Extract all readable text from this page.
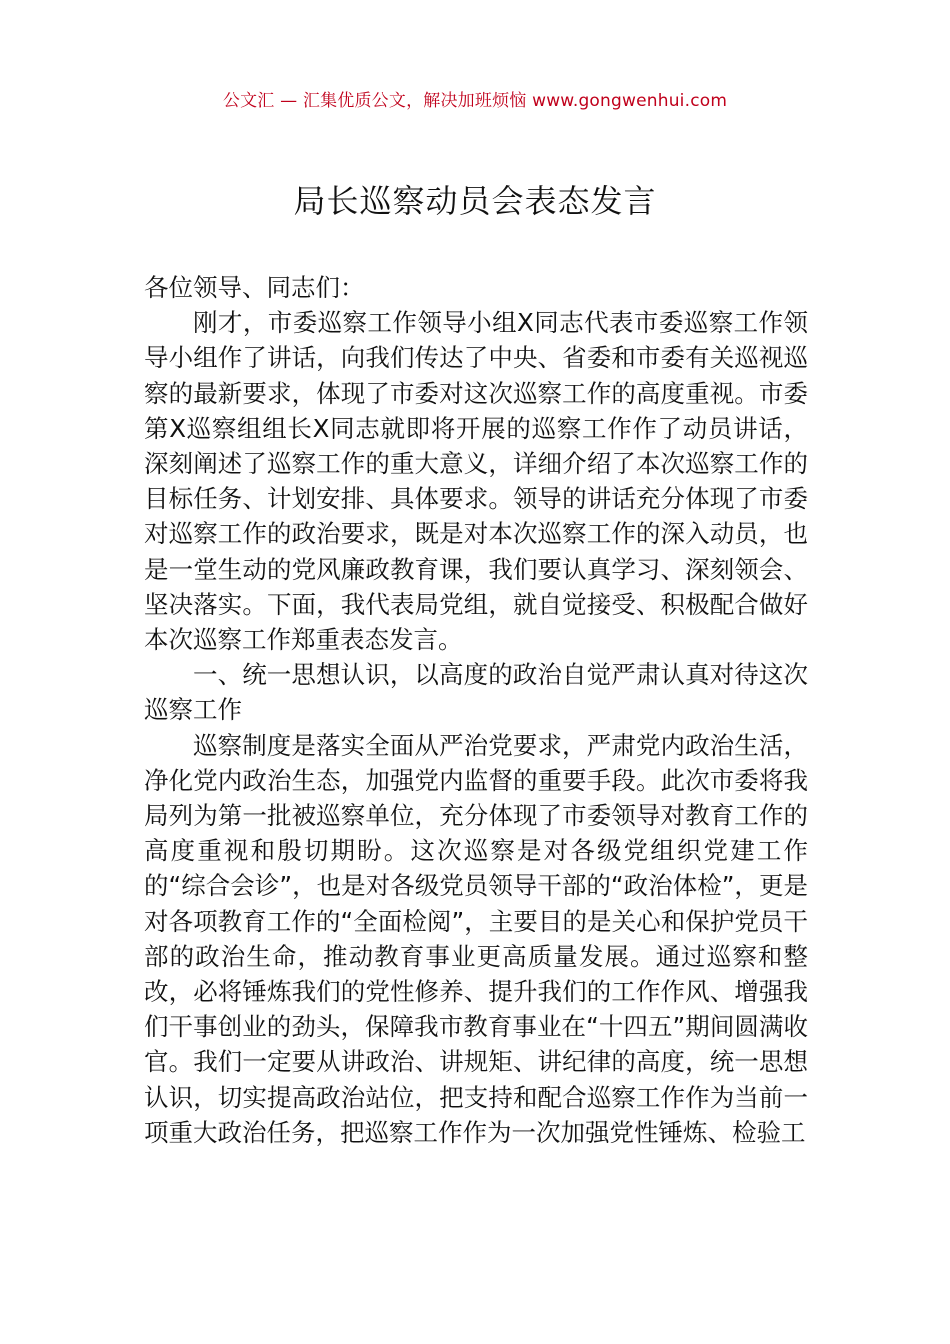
公文汇 — 汇集优质公文，解决加班烦恼 www.gongwenhui.com
局长巡察动员会表态发言

各位领导、同志们：

刚才，市委巡察工作领导小组X同志代表市委巡察工作领导小组作了讲话，向我们传达了中央、省委和市委有关巡视巡察的最新要求，体现了市委对这次巡察工作的高度重视。市委第X巡察组组长X同志就即将开展的巡察工作作了动员讲话，深刻阐述了巡察工作的重大意义，详细介绍了本次巡察工作的目标任务、计划安排、具体要求。领导的讲话充分体现了市委对巡察工作的政治要求，既是对本次巡察工作的深入动员，也是一堂生动的党风廉政教育课，我们要认真学习、深刻领会、坚决落实。下面，我代表局党组，就自觉接受、积极配合做好本次巡察工作郑重表态发言。

一、统一思想认识，以高度的政治自觉严肃认真对待这次巡察工作

巡察制度是落实全面从严治党要求，严肃党内政治生活，净化党内政治生态，加强党内监督的重要手段。此次市委将我局列为第一批被巡察单位，充分体现了市委领导对教育工作的高度重视和殷切期盼。这次巡察是对各级党组织党建工作的“综合会诊”，也是对各级党员领导干部的“政治体检”，更是对各项教育工作的“全面检阅”，主要目的是关心和保护党员干部的政治生命，推动教育事业更高质量发展。通过巡察和整改，必将锤炼我们的党性修养、提升我们的工作作风、增强我们干事创业的劲头，保障我市教育事业在“十四五”期间圆满收官。我们一定要从讲政治、讲规矩、讲纪律的高度，统一思想认识，切实提高政治站位，把支持和配合巡察工作作为当前一项重大政治任务，把巡察工作作为一次加强党性锤炼、检验工
